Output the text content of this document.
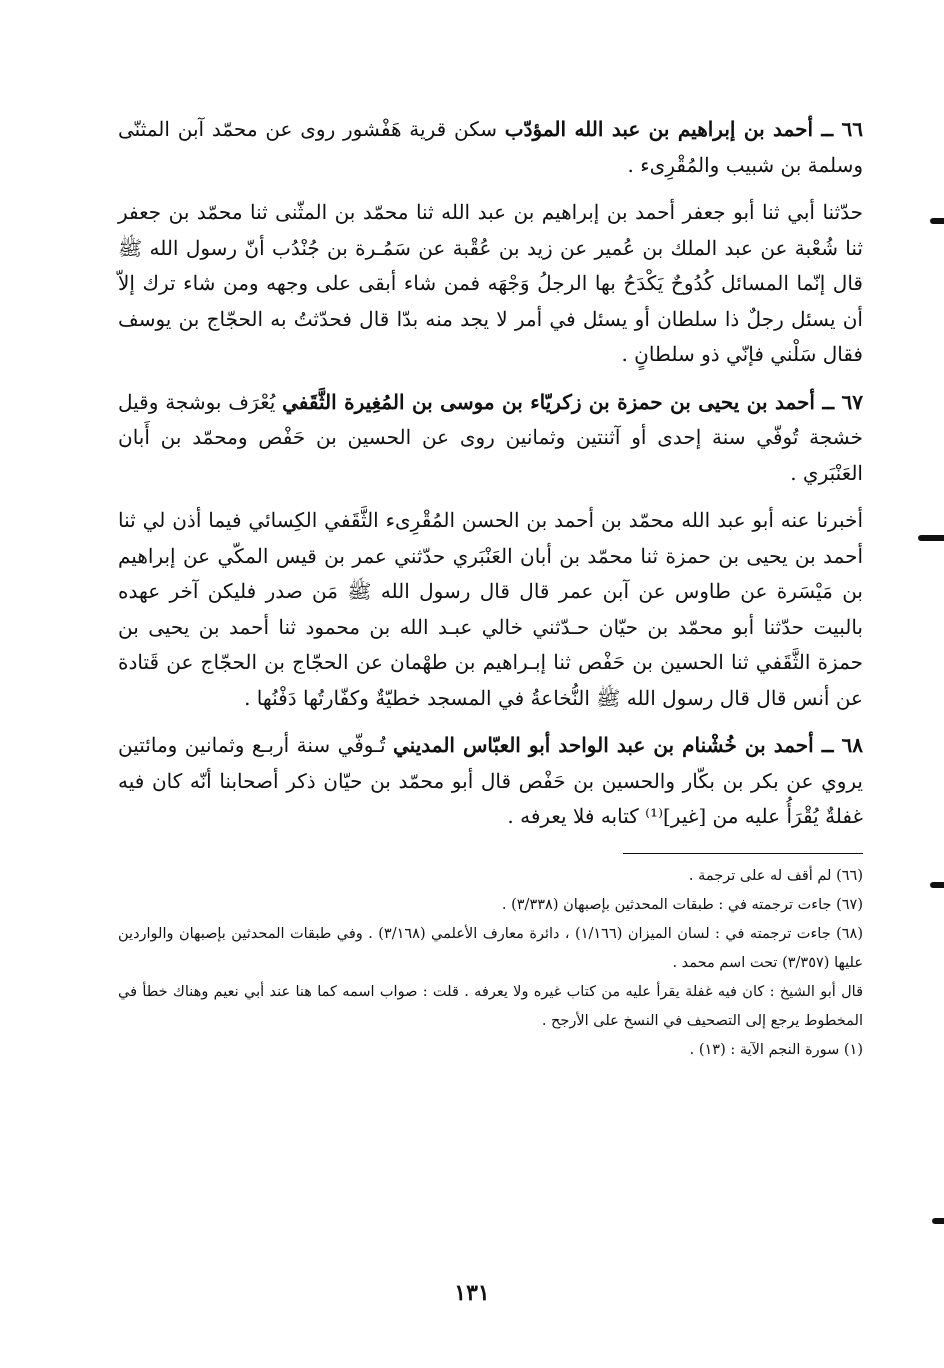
٦٦ ــ أحمد بن إبراهيم بن عبد الله المؤدّب سكن قرية هَفْشور روى عن محمّد آبن المثنّى وسلمة بن شبيب والمُقْرِىء .

حدّثنا أبي ثنا أبو جعفر أحمد بن إبراهيم بن عبد الله ثنا محمّد بن المثّنى ثنا محمّد بن جعفر ثنا شُعْبة عن عبد الملك بن عُمير عن زيد بن عُقْبة عن سَمُـرة بن جُنْدُب أنّ رسول الله ﷺ قال إنّما المسائل كُدُوحٌ يَكْدَحُ بها الرجلُ وَجْهَه فمن شاء أبقى على وجهه ومن شاء ترك إلاّ أن يسئل رجلٌ ذا سلطان أو يسئل في أمر لا يجد منه بدّا قال فحدّثتُ به الحجّاج بن يوسف فقال سَلْني فإنّي ذو سلطانٍ .

٦٧ ــ أحمد بن يحيى بن حمزة بن زكريّاء بن موسى بن المُغِيرة الثَّقَفي يُعْرَف بوشجة وقيل خشجة تُوفّي سنة إحدى أو آثنتين وثمانين روى عن الحسين بن حَفْص ومحمّد بن أَبان العَنْبَري .

أخبرنا عنه أبو عبد الله محمّد بن أحمد بن الحسن المُقْرِىء الثَّقَفي الكِسائي فيما أذن لي ثنا أحمد بن يحيى بن حمزة ثنا محمّد بن أبان العَنْبَري حدّثني عمر بن قيس المكّي عن إبراهيم بن مَيْسَرة عن طاوس عن آبن عمر قال قال رسول الله ﷺ مَن صدر فليكن آخر عهده بالبيت حدّثنا أبو محمّد بن حيّان حـدّثني خالي عبـد الله بن محمود ثنا أحمد بن يحيى بن حمزة الثَّقَفي ثنا الحسين بن حَفْص ثنا إبـراهيم بن طهْمان عن الحجّاج بن الحجّاج عن قَتادة عن أنس قال قال رسول الله ﷺ النُّخاعةُ في المسجد خطيّةٌ وكفّارتُها دَفْنُها .

٦٨ ــ أحمد بن خُشْنام بن عبد الواحد أبو العبّاس المديني تُـوفّي سنة أربـع وثمانين ومائتين يروي عن بكر بن بكّار والحسين بن حَفْص قال أبو محمّد بن حيّان ذكر أصحابنا أنّه كان فيه غفلةٌ يُقْرَأُ عليه من [غير]⁽¹⁾ كتابه فلا يعرفه .

(٦٦) لم أقف له على ترجمة .

(٦٧) جاءت ترجمته في : طبقات المحدثين بإصبهان (٣/٣٣٨) .

(٦٨) جاءت ترجمته في : لسان الميزان (١/١٦٦) ، دائرة معارف الأعلمي (٣/١٦٨) . وفي طبقات المحدثين بإصبهان والواردين عليها (٣/٣٥٧) تحت اسم محمد .

قال أبو الشيخ : كان فيه غفلة يقرأ عليه من كتاب غيره ولا يعرفه . قلت : صواب اسمه كما هنا عند أبي نعيم وهناك خطأ في المخطوط يرجع إلى التصحيف في النسخ على الأرجح .

(١) سورة النجم الآية : (١٣) .

١٣١
